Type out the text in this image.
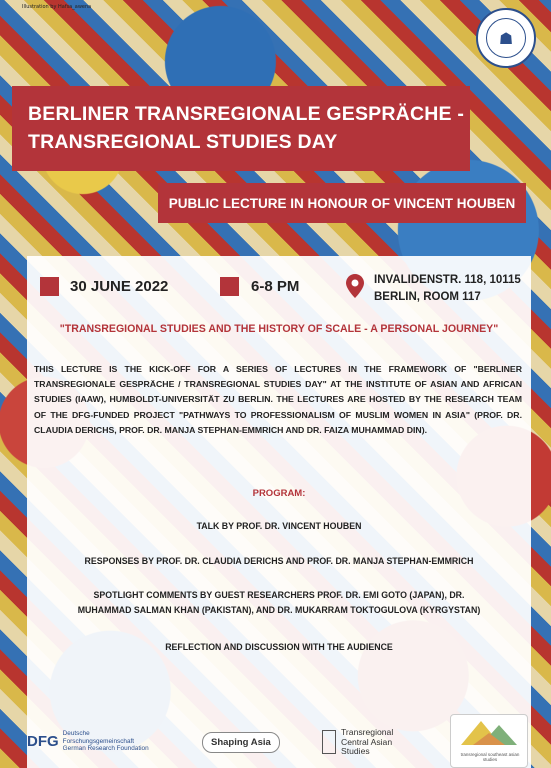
Illustration by Hafsa_awena
☗
BERLINER TRANSREGIONALE GESPRÄCHE -
TRANSREGIONAL STUDIES DAY
PUBLIC LECTURE IN HONOUR OF VINCENT HOUBEN
30 JUNE 2022	6-8 PM	INVALIDENSTR. 118, 10115
BERLIN, ROOM 117
"TRANSREGIONAL STUDIES AND THE HISTORY OF SCALE - A PERSONAL JOURNEY"
THIS LECTURE IS THE KICK-OFF FOR A SERIES OF LECTURES IN THE FRAMEWORK OF "BERLINER TRANSREGIONALE GESPRÄCHE / TRANSREGIONAL STUDIES DAY" AT THE INSTITUTE OF ASIAN AND AFRICAN STUDIES (IAAW), HUMBOLDT-UNIVERSITÄT ZU BERLIN. THE LECTURES ARE HOSTED BY THE RESEARCH TEAM OF THE DFG-FUNDED PROJECT "PATHWAYS TO PROFESSIONALISM OF MUSLIM WOMEN IN ASIA" (PROF. DR. CLAUDIA DERICHS, PROF. DR. MANJA STEPHAN-EMMRICH AND DR. FAIZA MUHAMMAD DIN).
PROGRAM:
TALK BY PROF. DR. VINCENT HOUBEN
RESPONSES BY PROF. DR. CLAUDIA DERICHS AND PROF. DR. MANJA STEPHAN-EMMRICH
SPOTLIGHT COMMENTS BY GUEST RESEARCHERS PROF. DR. EMI GOTO (JAPAN), DR.
MUHAMMAD SALMAN KHAN (PAKISTAN), AND DR. MUKARRAM TOKTOGULOVA (KYRGYSTAN)
REFLECTION AND DISCUSSION WITH THE AUDIENCE
DFG Deutsche
Forschungsgemeinschaft
German Research Foundation
Shaping Asia
Transregional
Central Asian
Studies	transregional southeast asian studies
